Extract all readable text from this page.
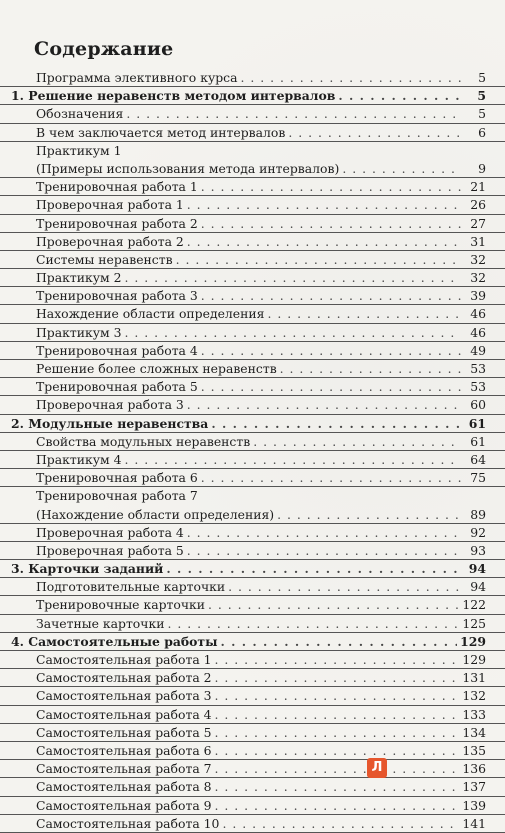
Содержание
Программа элективного курса . . .	5
1. Решение неравенств методом интервалов . . .	5
Обозначения . . .	5
В чем заключается метод интервалов . . .	6
Практикум 1
(Примеры использования метода интервалов) . . .	9
Тренировочная работа 1 . . .	21
Проверочная работа 1 . . .	26
Тренировочная работа 2 . . .	27
Проверочная работа 2 . . .	31
Системы неравенств . . .	32
Практикум 2 . . .	32
Тренировочная работа 3 . . .	39
Нахождение области определения . . .	46
Практикум 3 . . .	46
Тренировочная работа 4 . . .	49
Решение более сложных неравенств . . .	53
Тренировочная работа 5 . . .	53
Проверочная работа 3 . . .	60
2. Модульные неравенства . . .	61
Свойства модульных неравенств . . .	61
Практикум 4 . . .	64
Тренировочная работа 6 . . .	75
Тренировочная работа 7
(Нахождение области определения) . . .	89
Проверочная работа 4 . . .	92
Проверочная работа 5 . . .	93
3. Карточки заданий . . .	94
Подготовительные карточки . . .	94
Тренировочные карточки . . .	122
Зачетные карточки . . .	125
4. Самостоятельные работы . . .	129
Самостоятельная работа 1 . . .	129
Самостоятельная работа 2 . . .	131
Самостоятельная работа 3 . . .	132
Самостоятельная работа 4 . . .	133
Самостоятельная работа 5 . . .	134
Самостоятельная работа 6 . . .	135
Самостоятельная работа 7 . . .	136
Самостоятельная работа 8 . . .	137
Самостоятельная работа 9 . . .	139
Самостоятельная работа 10 . . .	141
Л
